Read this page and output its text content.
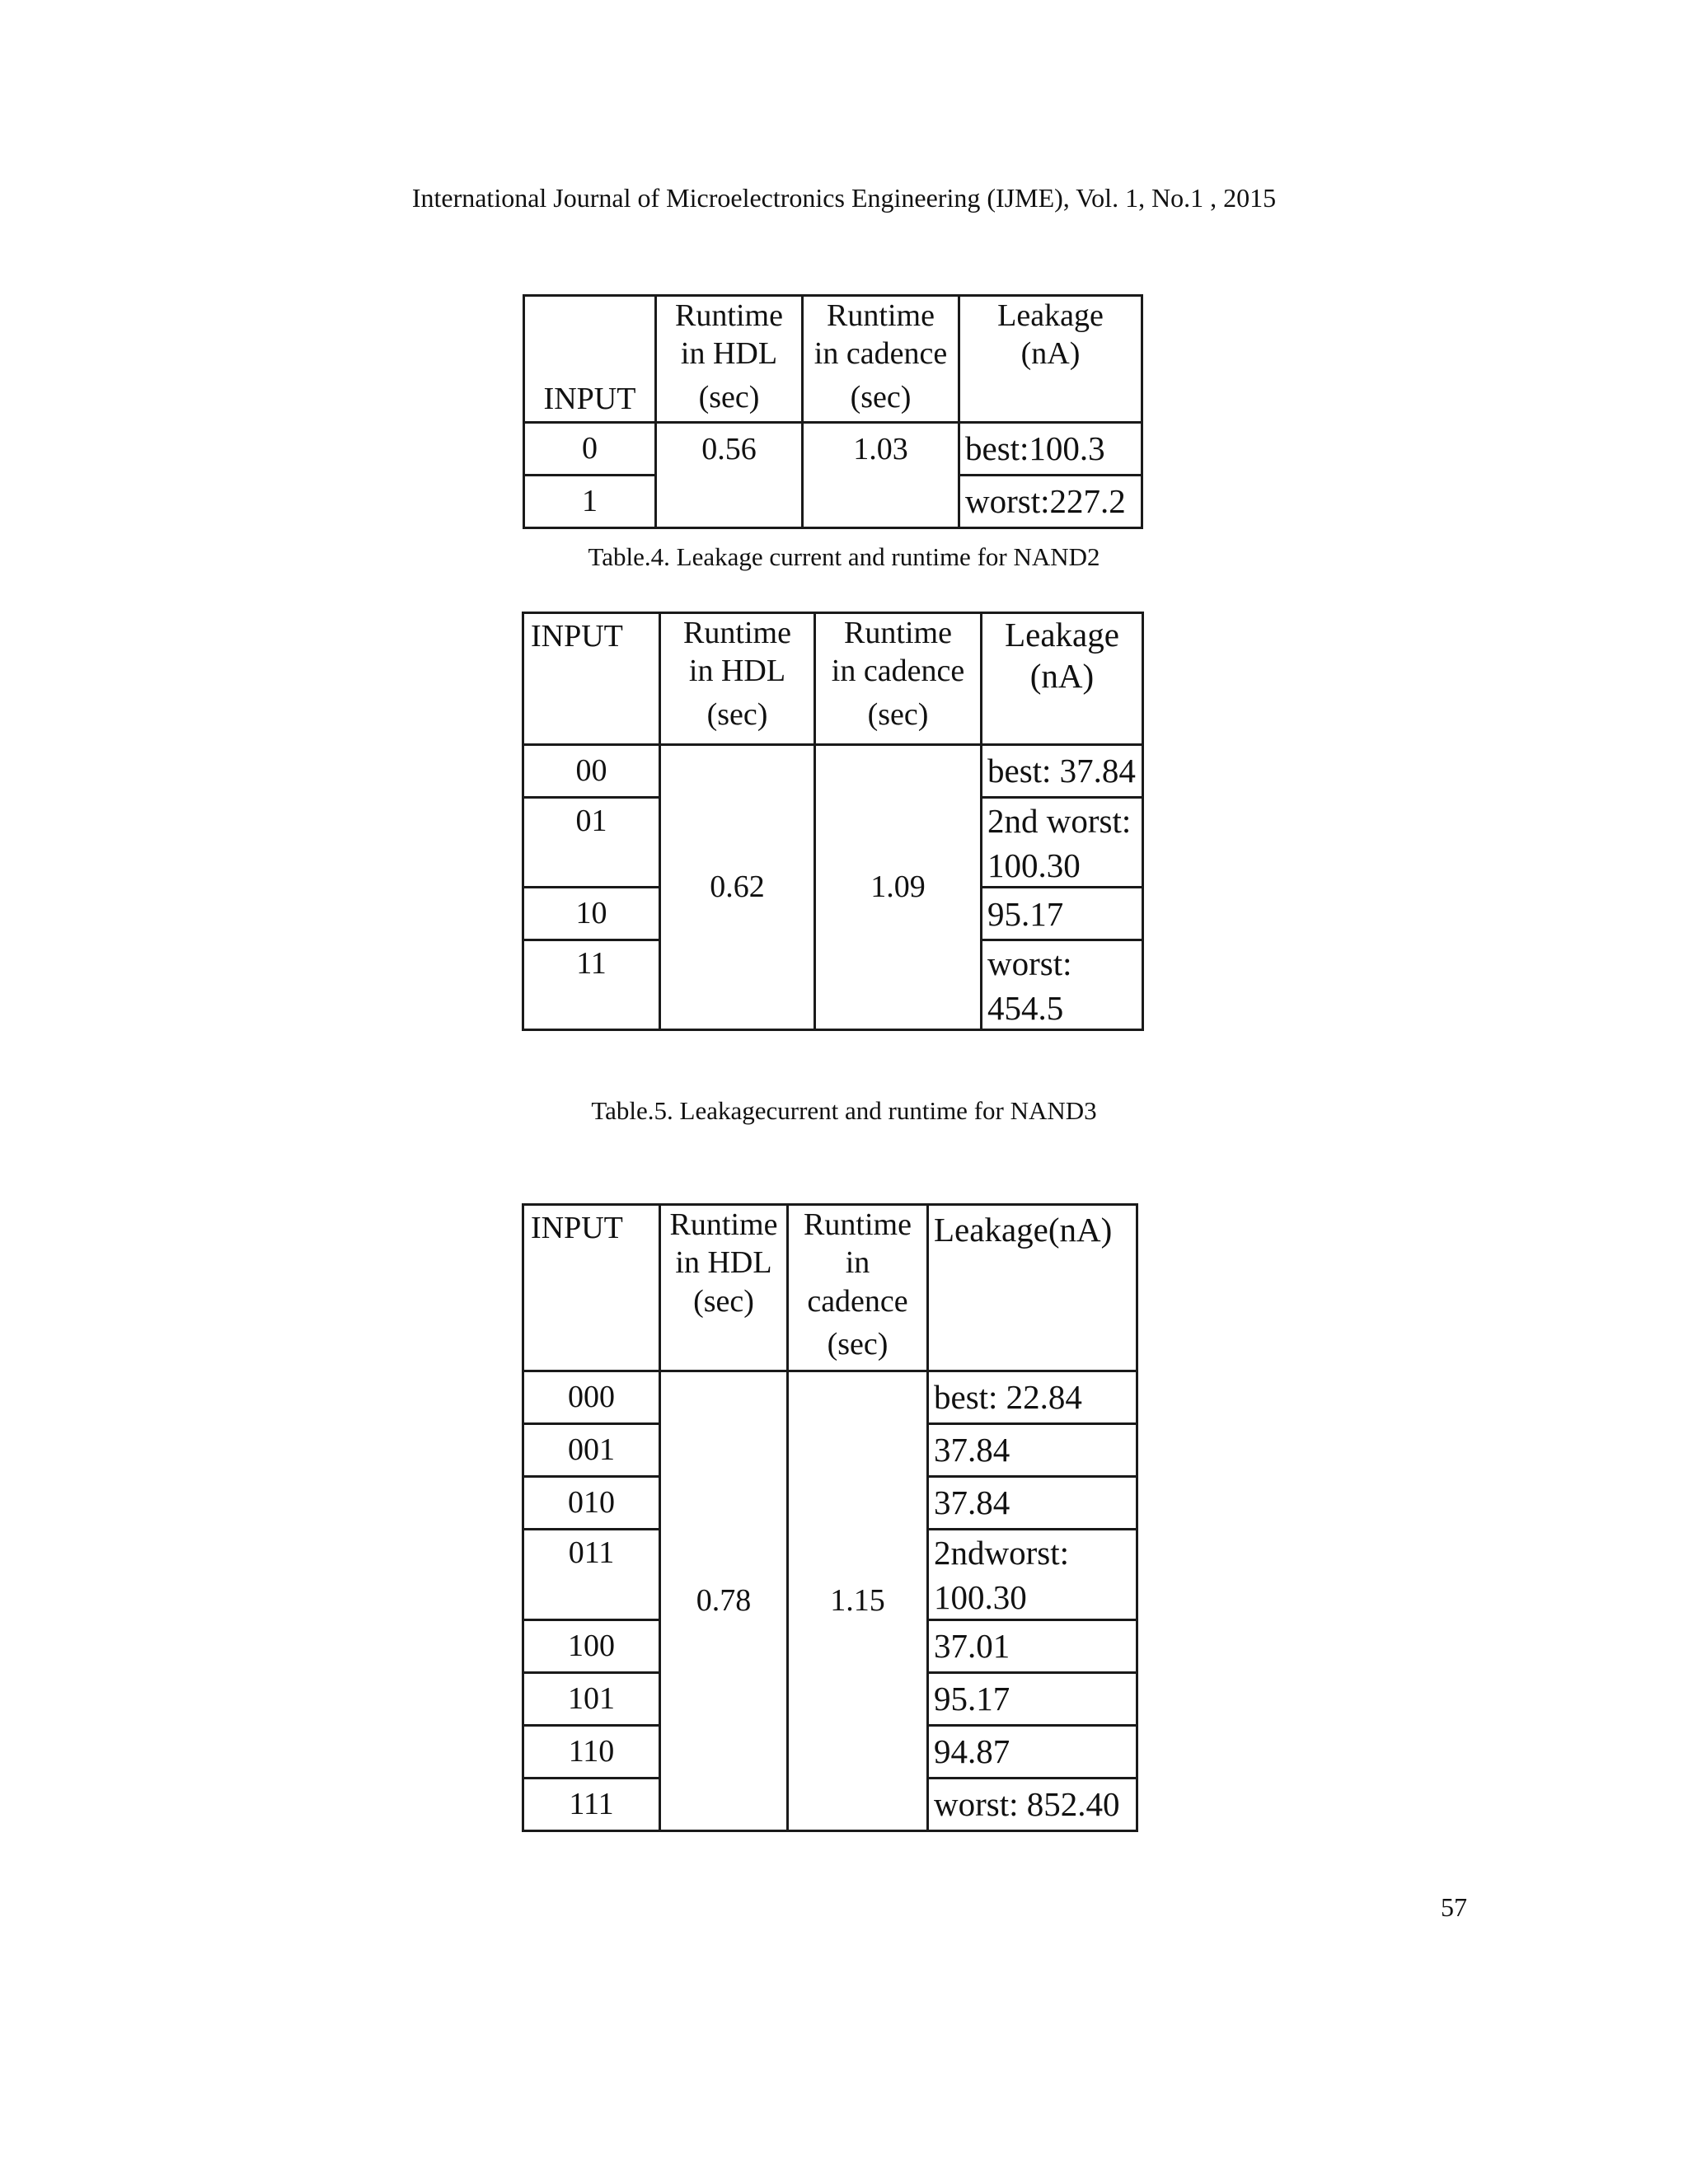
International Journal of Microelectronics Engineering (IJME), Vol. 1, No.1 , 2015
INPUT	Runtime
in HDL
(sec)	Runtime
in cadence
(sec)	Leakage
(nA)

0	0.56	1.03	best:100.3
1			worst:227.2
Table.4. Leakage current and runtime for NAND2
INPUT	Runtime
in HDL
(sec)	Runtime
in cadence
(sec)	Leakage
(nA)

00	0.62	1.09	best: 37.84
01			2nd worst:
100.30

10			95.17
11			worst:
454.5
Table.5. Leakagecurrent and runtime for NAND3
INPUT	Runtime
in HDL
(sec)	Runtime
in
cadence
(sec)	Leakage(nA)
000	0.78	1.15	best: 22.84
001			37.84
010			37.84
011			2ndworst:
100.30

100			37.01
101			95.17
110			94.87
111			worst: 852.40
57
